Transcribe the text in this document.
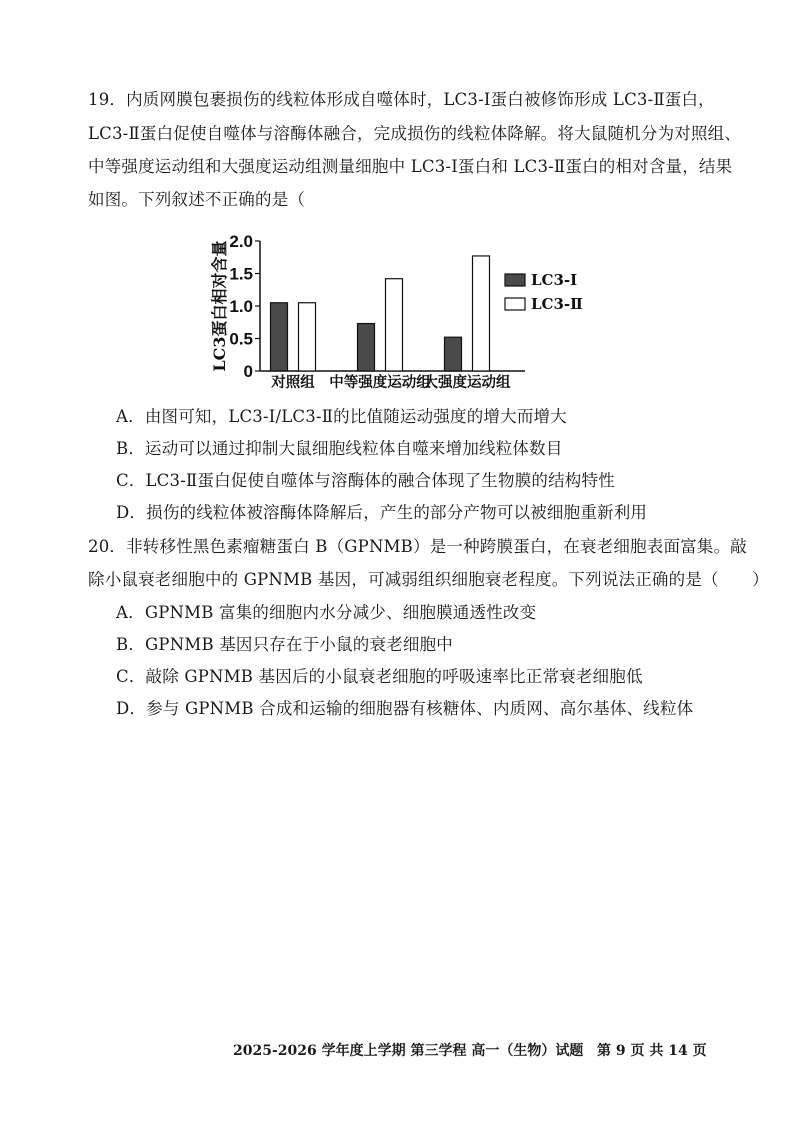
19．内质网膜包裹损伤的线粒体形成自噬体时，LC3-Ⅰ蛋白被修饰形成 LC3-Ⅱ蛋白，
LC3-Ⅱ蛋白促使自噬体与溶酶体融合，完成损伤的线粒体降解。将大鼠随机分为对照组、
中等强度运动组和大强度运动组测量细胞中 LC3-Ⅰ蛋白和 LC3-Ⅱ蛋白的相对含量，结果
如图。下列叙述不正确的是（
0
0.5
1.0
1.5
2.0
LC3蛋白相对含量
对照组 中等强度运动组
大强度运动组
LC3-Ⅰ
LC3-Ⅱ
A．由图可知，LC3-Ⅰ/LC3-Ⅱ的比值随运动强度的增大而增大
B．运动可以通过抑制大鼠细胞线粒体自噬来增加线粒体数目
C．LC3-Ⅱ蛋白促使自噬体与溶酶体的融合体现了生物膜的结构特性
D．损伤的线粒体被溶酶体降解后，产生的部分产物可以被细胞重新利用
20．非转移性黑色素瘤糖蛋白 B（GPNMB）是一种跨膜蛋白，在衰老细胞表面富集。敲
除小鼠衰老细胞中的 GPNMB 基因，可减弱组织细胞衰老程度。下列说法正确的是（　　）
A．GPNMB 富集的细胞内水分减少、细胞膜通透性改变
B．GPNMB 基因只存在于小鼠的衰老细胞中
C．敲除 GPNMB 基因后的小鼠衰老细胞的呼吸速率比正常衰老细胞低
D．参与 GPNMB 合成和运输的细胞器有核糖体、内质网、高尔基体、线粒体
2025-2026 学年度上学期 第三学程 高一（生物）试题 第 9 页 共 14 页
